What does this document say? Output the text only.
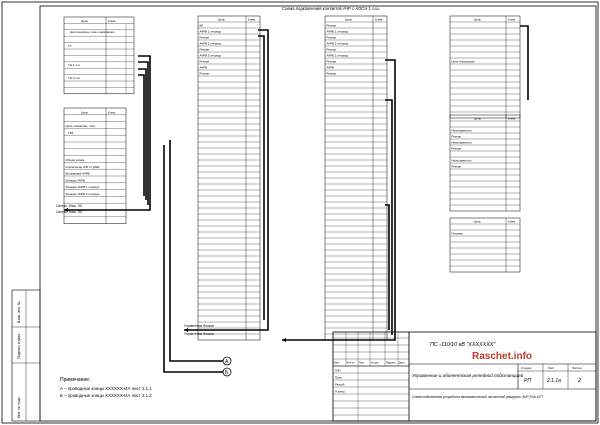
Инв. № подл.
Подпись и дата
Взам. инв. №
Схема подключения контактов АЧР с АОСН 1 с.ш.
Цепь	Клем.
Цепи переменн. тока и напряжения
ТТ
ТН 1 с.ш.
ТН 2 с.ш.
Цепь	Клем.
Цепи оперативн. тока
Общая шинка
Отключение АЧР от ДЗШ
Блокировка АЧРВ
Функции АЧРВ
Функции АЧРВ 1 очередь
Функции АЧРВ 2 очередь
ТБ1
Цепь	Клем.
ВЛ
АЧРВ 1 очередь
Резерв
АЧРВ 2 очередь
Резерв
АЧРВ 3 очередь
Резерв
АЧРВ
Резерв
Цепь	Клем.
Резерв
АЧРВ 1 очередь
Резерв
АЧРВ 2 очередь
Резерв
АЧРВ 3 очередь
Резерв
АЧРВ
Резерв
Цепь	Клем.
Цепи блокировки
Цепь	Клем.
Неисправность
Резерв
Неисправность
Резерв
Неисправность
Резерв
Цепь	Клем.
Питание
Сигнал. блок. ЛО
Сигнал. блок. ЛО
Управление блоков
Управление блоков
А
Б
Примечание:
А – проводные концы ХХХХХХ-ИА лист 2.1.1
Б – проводные концы ХХХХХХ-ИА лист 2.1.2
Изм.	Кол.уч. Лист	№ док.	Подпись Дата
ГИП
Пров.
Разраб.
Н.контр.
ПС -110/10 кВ "ХХХХХХХ"
Raschet.info
Управление и абонентская релейной подстанцией
Схема подключения устройств автоматической частотной разгрузки. АЧР-РЗА-ОЛТ
Стадия	Лист	Листов
РП	2.1.1а	2
